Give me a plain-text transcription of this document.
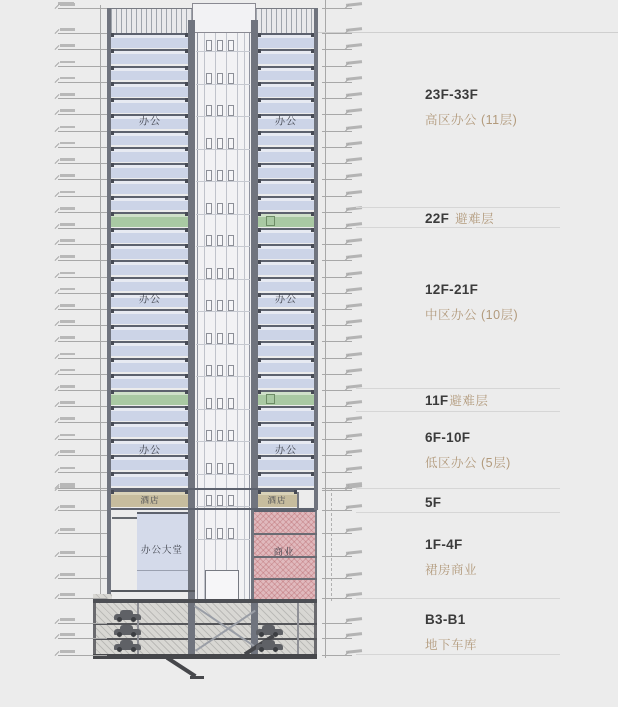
办公	办公
办公	办公
办公	办公
酒店	酒店
办公大堂	商业
23F-33F
高区办公 (11层)
22F 避难层
12F-21F
中区办公 (10层)
11F避难层
6F-10F
低区办公 (5层)
5F
1F-4F
裙房商业
B3-B1
地下车库
